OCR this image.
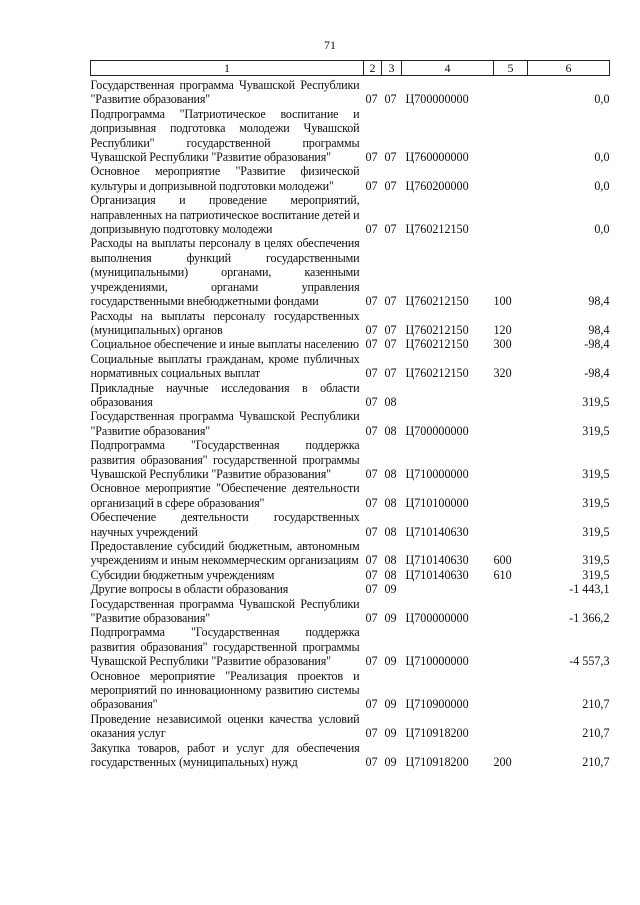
71
1	2	3	4	5	6
Государственная программа Чувашской Республики "Развитие образования"	07	07	Ц700000000		0,0
Подпрограмма "Патриотическое воспитание и допризывная подготовка молодежи Чувашской Республики" государственной программы Чувашской Республики "Развитие образования"	07	07	Ц760000000		0,0
Основное мероприятие "Развитие физической культуры и допризывной подготовки молодежи"	07	07	Ц760200000		0,0
Организация и проведение мероприятий, направленных на патриотическое воспитание детей и допризывную подготовку молодежи	07	07	Ц760212150		0,0
Расходы на выплаты персоналу в целях обеспечения выполнения функций государственными (муниципальными) органами, казенными учреждениями, органами управления государственными внебюджетными фондами	07	07	Ц760212150	100	98,4
Расходы на выплаты персоналу государственных (муниципальных) органов	07	07	Ц760212150	120	98,4
Социальное обеспечение и иные выплаты населению	07	07	Ц760212150	300	-98,4
Социальные выплаты гражданам, кроме публичных нормативных социальных выплат	07	07	Ц760212150	320	-98,4
Прикладные научные исследования в области образования	07	08			319,5
Государственная программа Чувашской Республики "Развитие образования"	07	08	Ц700000000		319,5
Подпрограмма "Государственная поддержка развития образования" государственной программы Чувашской Республики "Развитие образования"	07	08	Ц710000000		319,5
Основное мероприятие "Обеспечение деятельности организаций в сфере образования"	07	08	Ц710100000		319,5
Обеспечение деятельности государственных научных учреждений	07	08	Ц710140630		319,5
Предоставление субсидий бюджетным, автономным учреждениям и иным некоммерческим организациям	07	08	Ц710140630	600	319,5
Субсидии бюджетным учреждениям	07	08	Ц710140630	610	319,5
Другие вопросы в области образования	07	09			-1 443,1
Государственная программа Чувашской Республики "Развитие образования"	07	09	Ц700000000		-1 366,2
Подпрограмма "Государственная поддержка развития образования" государственной программы Чувашской Республики "Развитие образования"	07	09	Ц710000000		-4 557,3
Основное мероприятие "Реализация проектов и мероприятий по инновационному развитию системы образования"	07	09	Ц710900000		210,7
Проведение независимой оценки качества условий оказания услуг	07	09	Ц710918200		210,7
Закупка товаров, работ и услуг для обеспечения государственных (муниципальных) нужд	07	09	Ц710918200	200	210,7
